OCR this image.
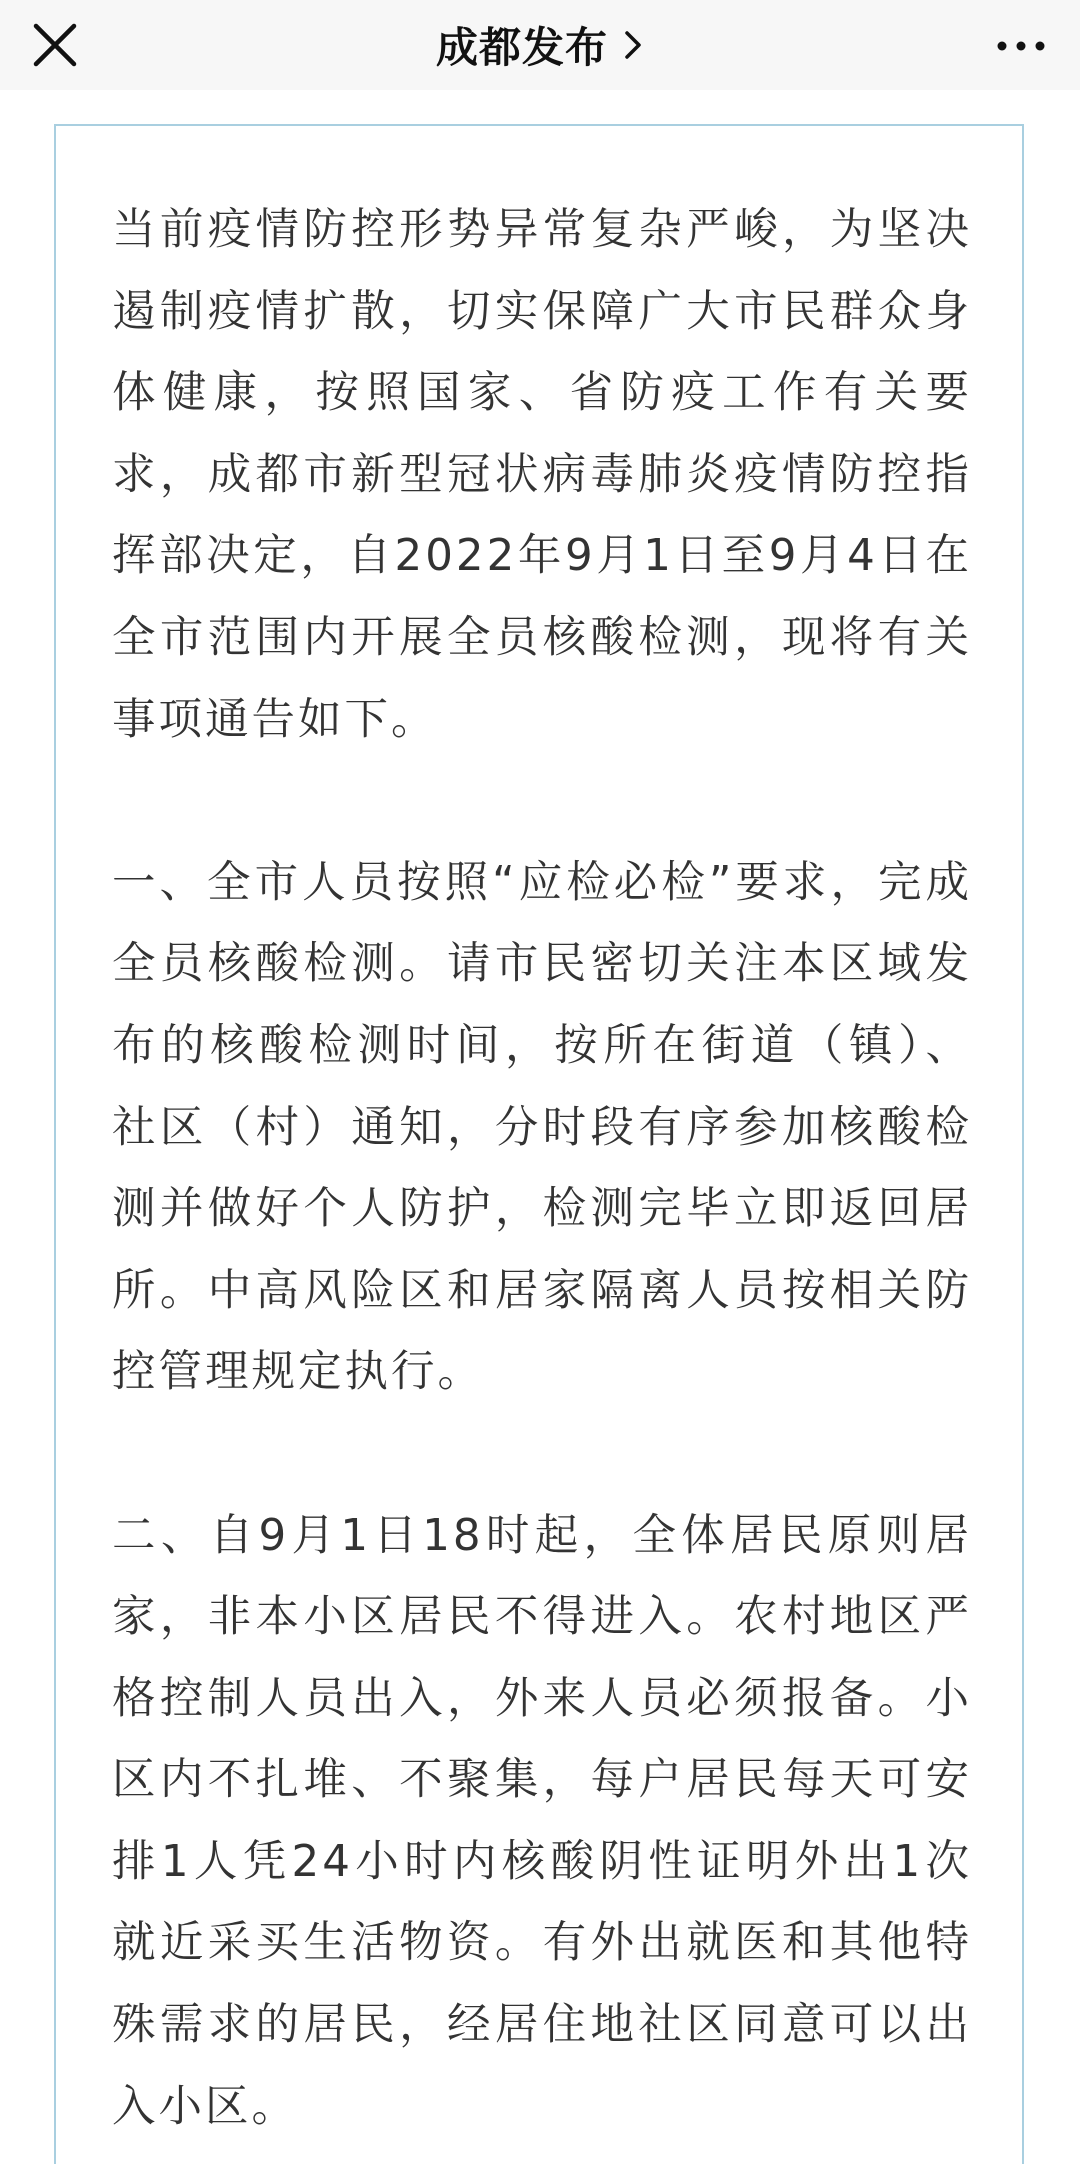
成都发布

当前疫情防控形势异常复杂严峻，为坚决遏制疫情扩散，切实保障广大市民群众身体健康，按照国家、省防疫工作有关要求，成都市新型冠状病毒肺炎疫情防控指挥部决定，自2022年9月1日至9月4日在全市范围内开展全员核酸检测，现将有关事项通告如下。

一、全市人员按照“应检必检”要求，完成全员核酸检测。请市民密切关注本区域发布的核酸检测时间，按所在街道（镇）、社区（村）通知，分时段有序参加核酸检测并做好个人防护，检测完毕立即返回居所。中高风险区和居家隔离人员按相关防控管理规定执行。

二、自9月1日18时起，全体居民原则居家，非本小区居民不得进入。农村地区严格控制人员出入，外来人员必须报备。小区内不扎堆、不聚集，每户居民每天可安排1人凭24小时内核酸阴性证明外出1次就近采买生活物资。有外出就医和其他特殊需求的居民，经居住地社区同意可以出入小区。
